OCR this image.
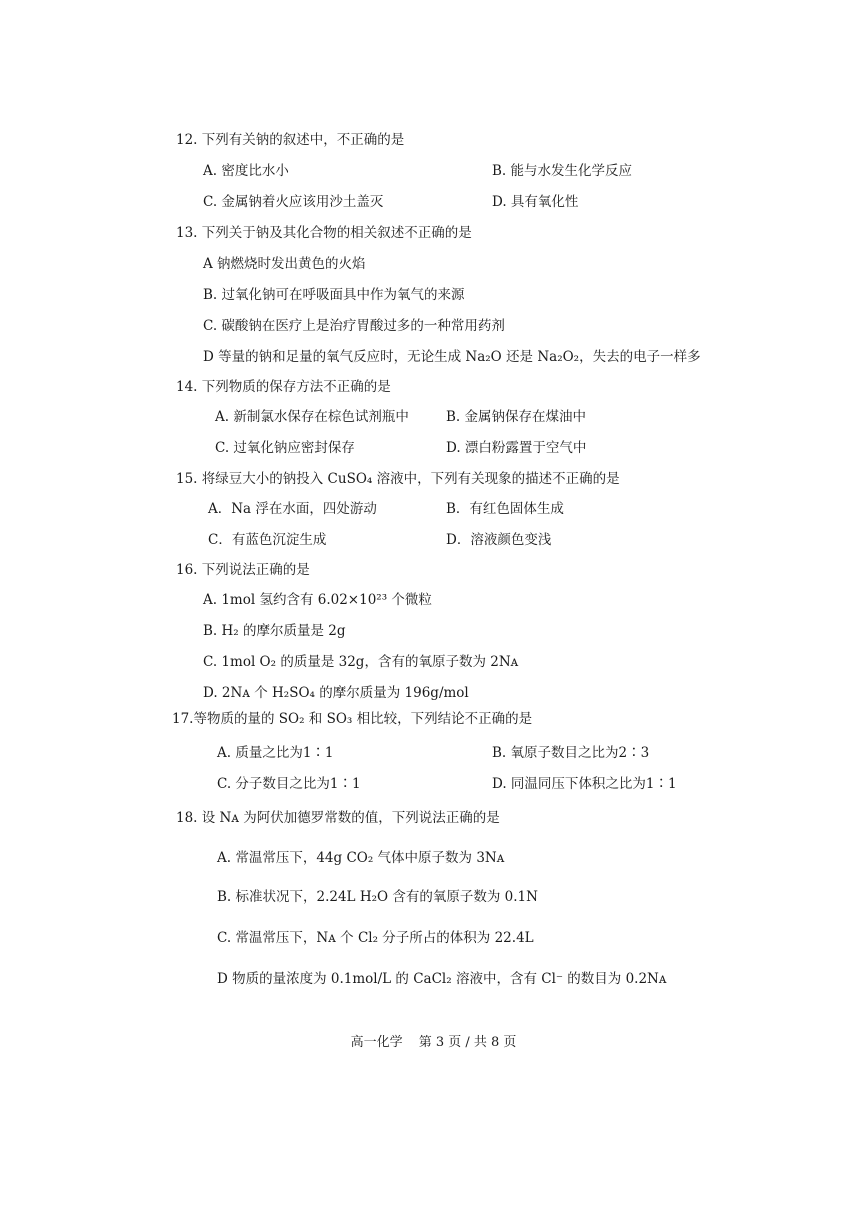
12. 下列有关钠的叙述中，不正确的是
A. 密度比水小	B. 能与水发生化学反应
C. 金属钠着火应该用沙土盖灭	D. 具有氧化性
13. 下列关于钠及其化合物的相关叙述不正确的是
A 钠燃烧时发出黄色的火焰
B. 过氧化钠可在呼吸面具中作为氧气的来源
C. 碳酸钠在医疗上是治疗胃酸过多的一种常用药剂
D 等量的钠和足量的氧气反应时，无论生成 Na₂O 还是 Na₂O₂，失去的电子一样多
14. 下列物质的保存方法不正确的是
A. 新制氯水保存在棕色试剂瓶中	B. 金属钠保存在煤油中
C. 过氧化钠应密封保存	D. 漂白粉露置于空气中
15. 将绿豆大小的钠投入 CuSO₄ 溶液中，下列有关现象的描述不正确的是
A．Na 浮在水面，四处游动	B．有红色固体生成
C．有蓝色沉淀生成	D．溶液颜色变浅
16. 下列说法正确的是
A. 1mol 氢约含有 6.02×10²³ 个微粒
B. H₂ 的摩尔质量是 2g
C. 1mol O₂ 的质量是 32g，含有的氧原子数为 2Nᴀ
D. 2Nᴀ 个 H₂SO₄ 的摩尔质量为 196g/mol
17.等物质的量的 SO₂ 和 SO₃ 相比较，下列结论不正确的是
A. 质量之比为1∶1	B. 氧原子数目之比为2∶3
C. 分子数目之比为1∶1	D. 同温同压下体积之比为1∶1
18. 设 Nᴀ 为阿伏加德罗常数的值，下列说法正确的是
A. 常温常压下，44g CO₂ 气体中原子数为 3Nᴀ
B. 标准状况下，2.24L H₂O 含有的氧原子数为 0.1N
C. 常温常压下，Nᴀ 个 Cl₂ 分子所占的体积为 22.4L
D 物质的量浓度为 0.1mol/L 的 CaCl₂ 溶液中，含有 Cl⁻ 的数目为 0.2Nᴀ
高一化学 第 3 页 / 共 8 页
